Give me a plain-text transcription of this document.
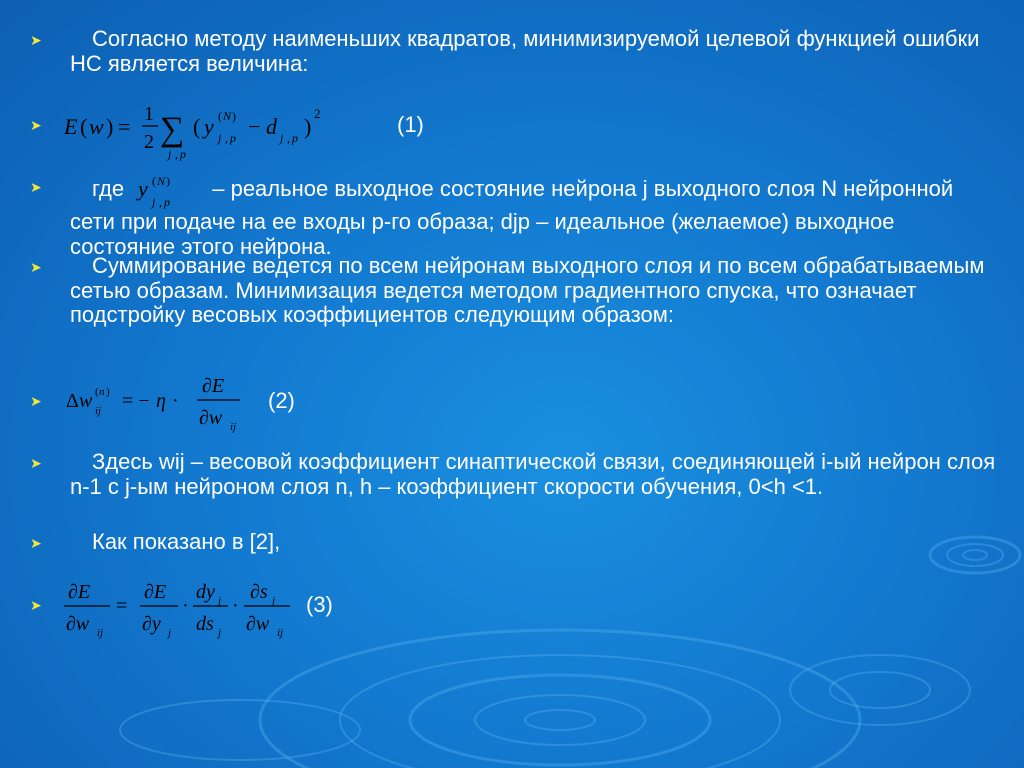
➤	Согласно методу наименьших квадратов, минимизируемой целевой функцией ошибки НС является величина:
➤ E ( w ) = 1
2 ∑
j , p
( y ( N )
j , p − d j , p )
2	(1)
➤	где y ( N )
j , p
– реальное выходное состояние нейрона j выходного слоя N нейронной сети при подаче на ее входы p-го образа; djp – идеальное (желаемое) выходное состояние этого нейрона.
➤	Суммирование ведется по всем нейронам выходного слоя и по всем обрабатываемым сетью образам. Минимизация ведется методом градиентного спуска, что означает подстройку весовых коэффициентов следующим образом:
➤ Δ w ( n )
ij = − η ·
∂E
∂w ij
(2)
➤	Здесь wij – весовой коэффициент синаптической связи, соединяющей i-ый нейрон слоя n-1 с j-ым нейроном слоя n, h – коэффициент скорости обучения, 0<h <1.
➤	Как показано в [2],
➤
∂E
∂w ij
=
∂E
∂y j
·
dy j
ds j
·
∂s j
∂w ij
(3)
